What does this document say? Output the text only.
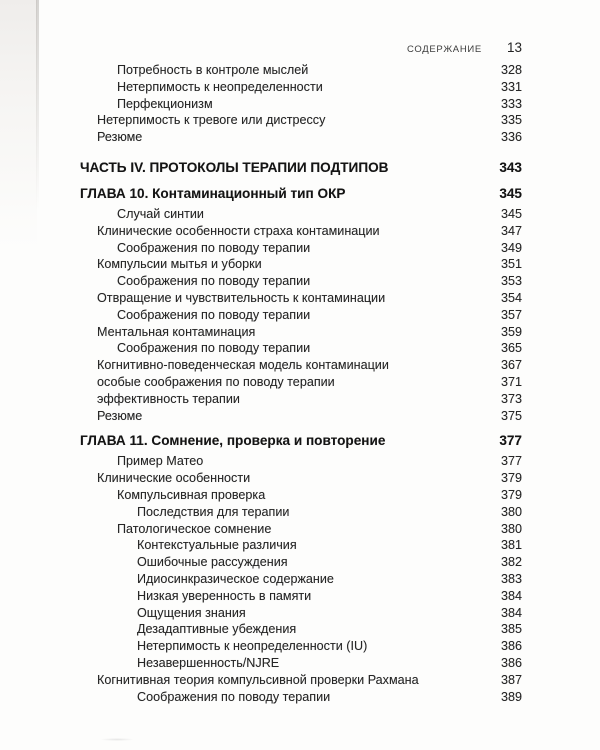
СОДЕРЖАНИЕ 13
Потребность в контроле мыслей	328
Нетерпимость к неопределенности	331
Перфекционизм	333
Нетерпимость к тревоге или дистрессу	335
Резюме	336
ЧАСТЬ IV. ПРОТОКОЛЫ ТЕРАПИИ ПОДТИПОВ	343
ГЛАВА 10. Контаминационный тип ОКР	345
Случай синтии	345
Клинические особенности страха контаминации	347
Соображения по поводу терапии	349
Компульсии мытья и уборки	351
Соображения по поводу терапии	353
Отвращение и чувствительность к контаминации	354
Соображения по поводу терапии	357
Ментальная контаминация	359
Соображения по поводу терапии	365
Когнитивно-поведенческая модель контаминации	367
особые соображения по поводу терапии	371
эффективность терапии	373
Резюме	375
ГЛАВА 11. Сомнение, проверка и повторение	377
Пример Матео	377
Клинические особенности	379
Компульсивная проверка	379
Последствия для терапии	380
Патологическое сомнение	380
Контекстуальные различия	381
Ошибочные рассуждения	382
Идиосинкразическое содержание	383
Низкая уверенность в памяти	384
Ощущения знания	384
Дезадаптивные убеждения	385
Нетерпимость к неопределенности (IU)	386
Незавершенность/NJRE	386
Когнитивная теория компульсивной проверки Рахмана	387
Соображения по поводу терапии	389
